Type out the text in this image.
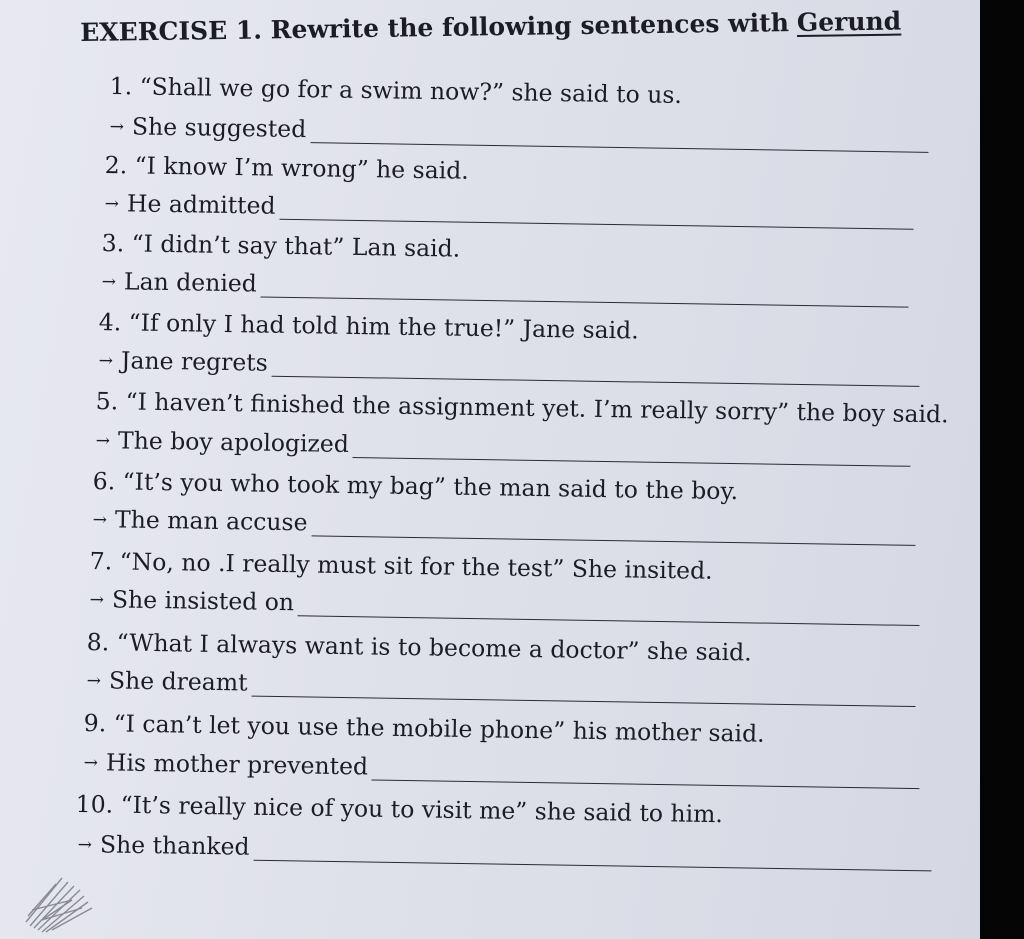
EXERCISE 1. Rewrite the following sentences with Gerund
1. “Shall we go for a swim now?” she said to us.
→ She suggested
2. “I know I’m wrong” he said.
→ He admitted
3. “I didn’t say that” Lan said.
→ Lan denied
4. “If only I had told him the true!” Jane said.
→ Jane regrets
5. “I haven’t finished the assignment yet. I’m really sorry” the boy said.
→ The boy apologized
6. “It’s you who took my bag” the man said to the boy.
→ The man accuse
7. “No, no .I really must sit for the test” She insited.
→ She insisted on
8. “What I always want is to become a doctor” she said.
→ She dreamt
9. “I can’t let you use the mobile phone” his mother said.
→ His mother prevented
10. “It’s really nice of you to visit me” she said to him.
→ She thanked
